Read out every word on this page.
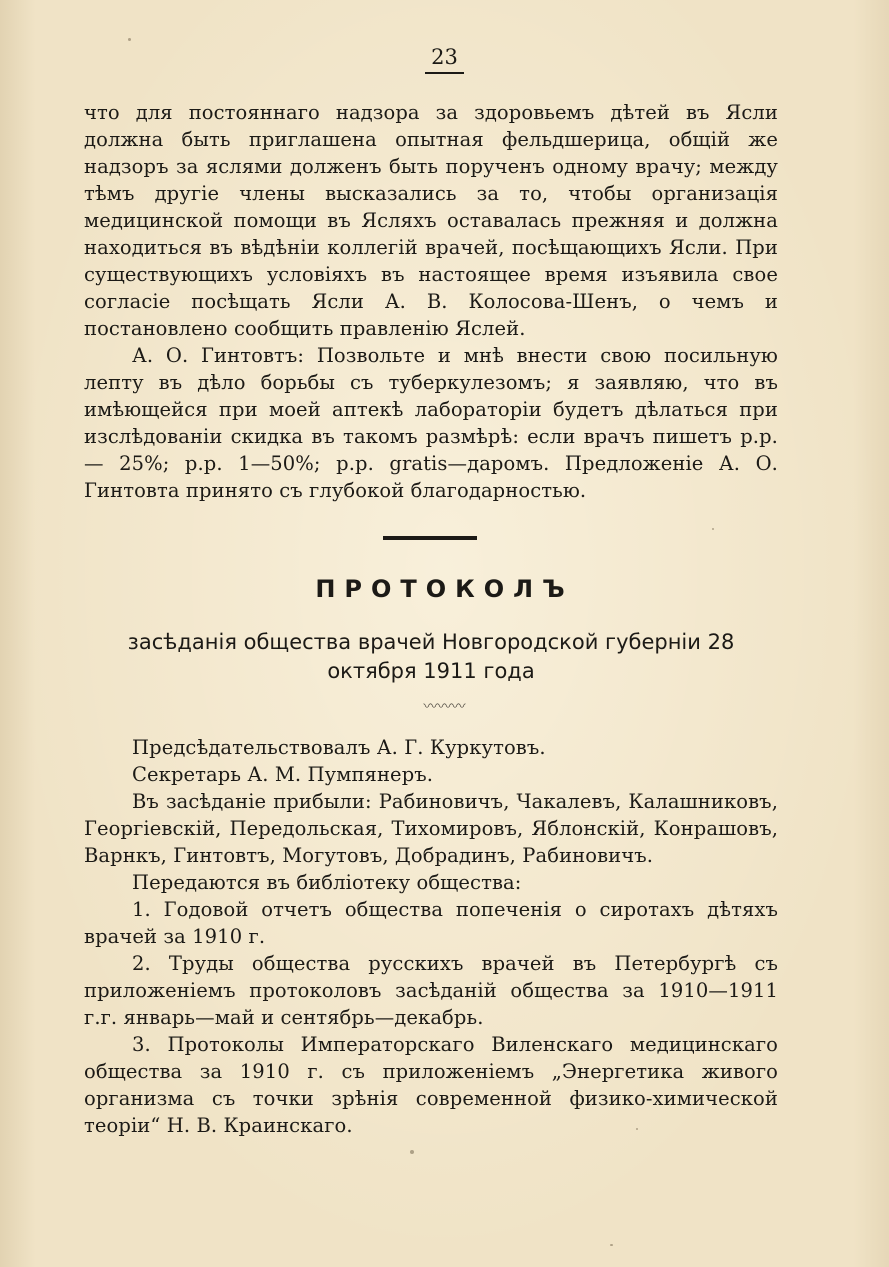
23

что для постояннаго надзора за здоровьемъ дѣтей въ Ясли должна быть приглашена опытная фельдшерица, общій же надзоръ за яслями долженъ быть порученъ одному врачу; между тѣмъ другіе члены высказались за то, чтобы организація медицинской помощи въ Ясляхъ оставалась прежняя и должна находиться въ вѣдѣніи коллегій врачей, посѣщающихъ Ясли. При существующихъ условіяхъ въ настоящее время изъявила свое согласіе посѣщать Ясли А. В. Колосова-Шенъ, о чемъ и постановлено сообщить правленію Яслей.

А. О. Гинтовтъ: Позвольте и мнѣ внести свою посильную лепту въ дѣло борьбы съ туберкулезомъ; я заявляю, что въ имѣющейся при моей аптекѣ лабораторіи будетъ дѣлаться при изслѣдованіи скидка въ такомъ размѣрѣ: если врачъ пишетъ р.р.— 25%; р.р. 1—50%; р.р. gratis—даромъ. Предложеніе А. О. Гинтовта принято съ глубокой благодарностью.

ПРОТОКОЛЪ
засѣданія общества врачей Новгородской губерніи 28 октября 1911 года
〰〰〰

Предсѣдательствовалъ А. Г. Куркутовъ.

Секретарь А. М. Пумпянеръ.

Въ засѣданіе прибыли: Рабиновичъ, Чакалевъ, Калашниковъ, Георгіевскій, Передольская, Тихомировъ, Яблонскій, Конрашовъ, Варнкъ, Гинтовтъ, Могутовъ, Добрадинъ, Рабиновичъ.

Передаются въ библіотеку общества:

1. Годовой отчетъ общества попеченія о сиротахъ дѣтяхъ врачей за 1910 г.

2. Труды общества русскихъ врачей въ Петербургѣ съ приложеніемъ протоколовъ засѣданій общества за 1910—1911 г.г. январь—май и сентябрь—декабрь.

3. Протоколы Императорскаго Виленскаго медицинскаго общества за 1910 г. съ приложеніемъ „Энергетика живого организма съ точки зрѣнія современной физико-химической теоріи“ Н. В. Краинскаго.
